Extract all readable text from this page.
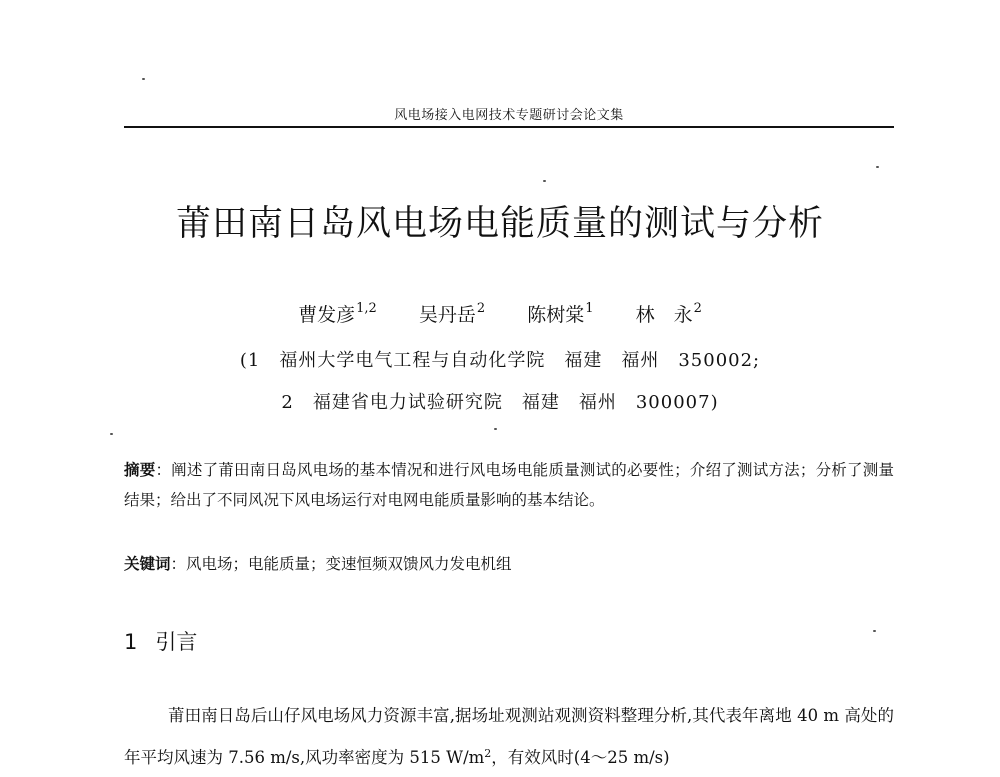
风电场接入电网技术专题研讨会论文集
莆田南日岛风电场电能质量的测试与分析
曹发彦$^{1,2}$ 吴丹岳$^2$ 陈树棠$^1$ 林　永$^2$
(1　福州大学电气工程与自动化学院　福建　福州　350002;
2　福建省电力试验研究院　福建　福州　300007)
摘要：阐述了莆田南日岛风电场的基本情况和进行风电场电能质量测试的必要性；介绍了测试方法；分析了测量结果；给出了不同风况下风电场运行对电网电能质量影响的基本结论。
关键词：风电场；电能质量；变速恒频双馈风力发电机组
1 引言

莆田南日岛后山仔风电场风力资源丰富,据场址观测站观测资料整理分析,其代表年离地 40 m 高处的年平均风速为 7.56 m/s,风功率密度为 515 $W/m^2$，有效风时(4～25 m/s)
